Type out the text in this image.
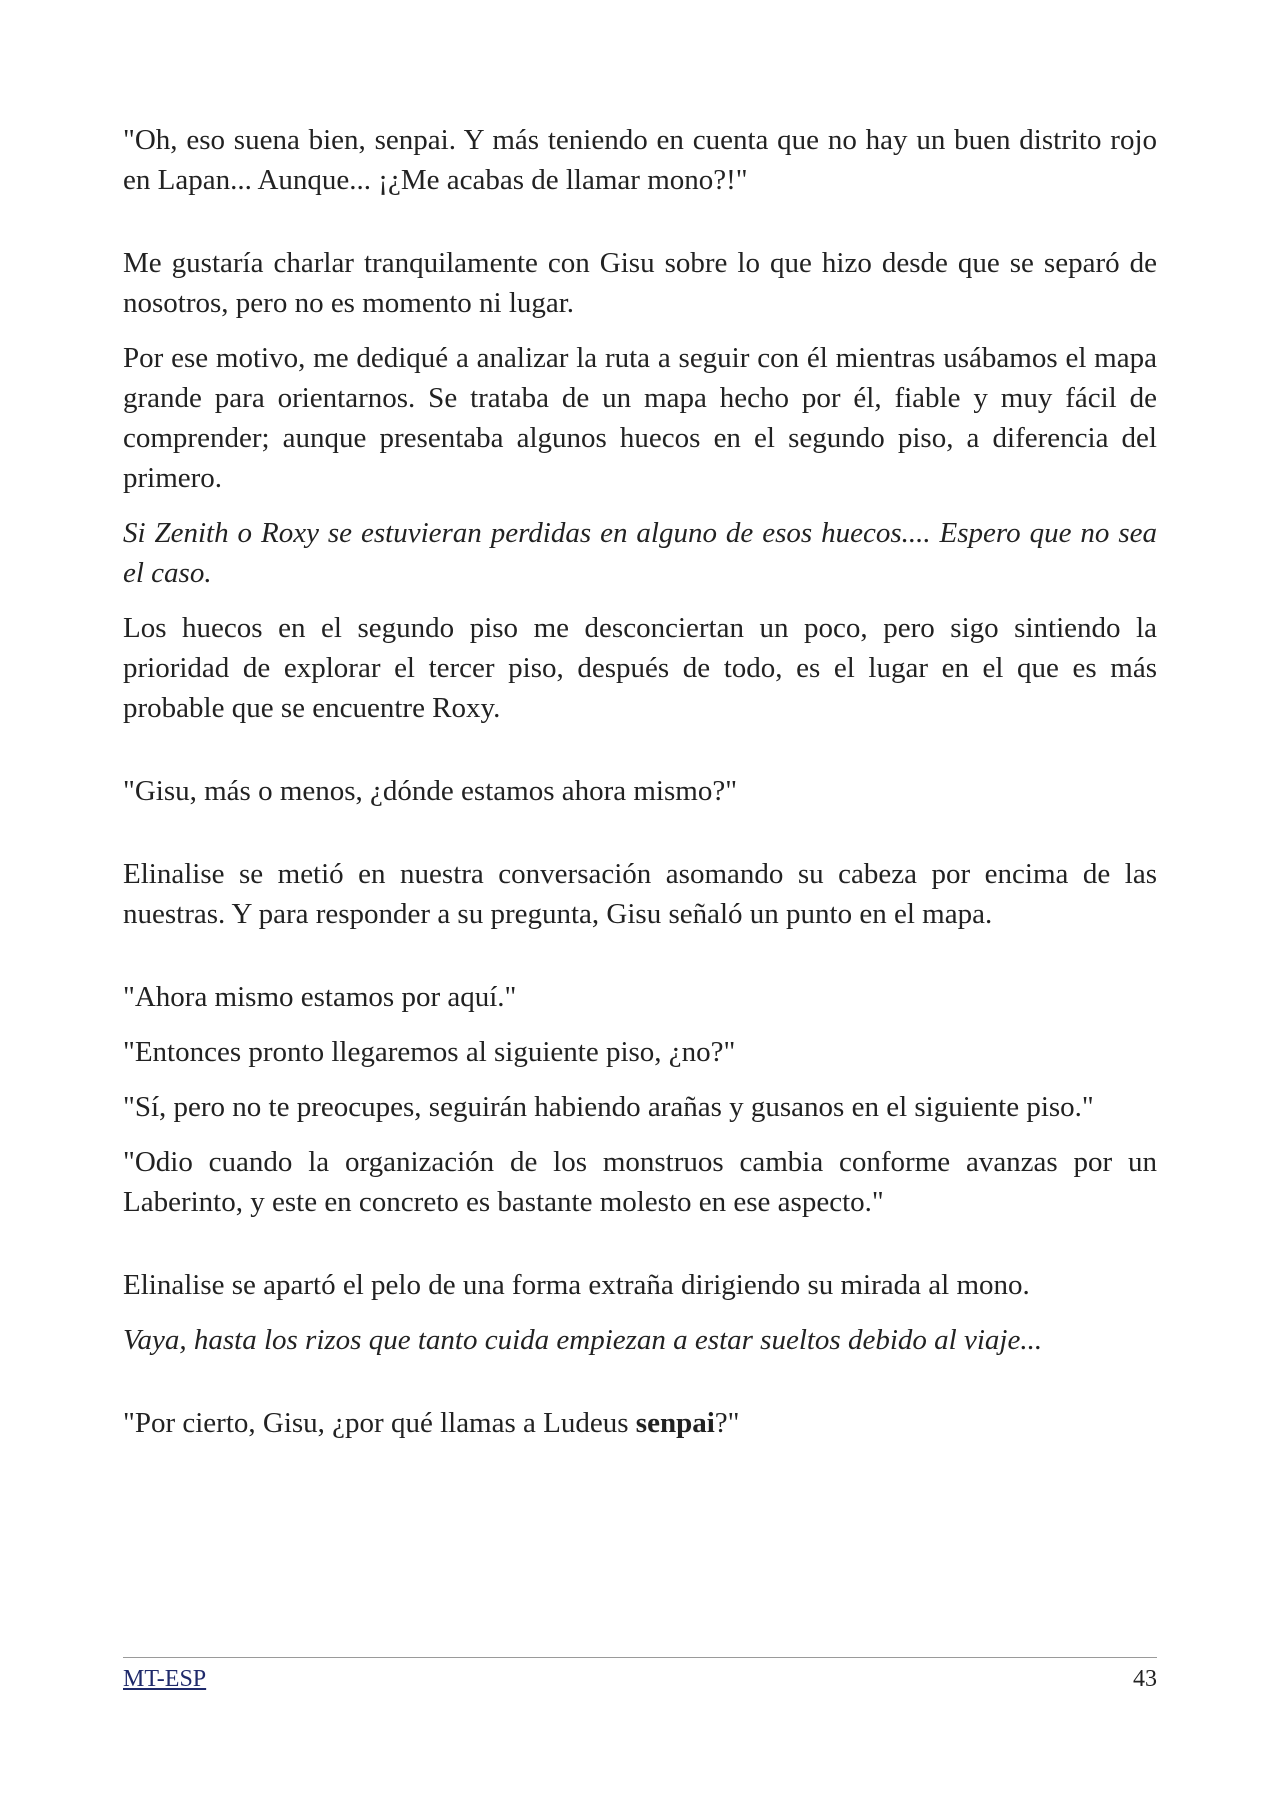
"Oh, eso suena bien, senpai. Y más teniendo en cuenta que no hay un buen distrito rojo en Lapan... Aunque... ¡¿Me acabas de llamar mono?!"

Me gustaría charlar tranquilamente con Gisu sobre lo que hizo desde que se separó de nosotros, pero no es momento ni lugar.

Por ese motivo, me dediqué a analizar la ruta a seguir con él mientras usábamos el mapa grande para orientarnos. Se trataba de un mapa hecho por él, fiable y muy fácil de comprender; aunque presentaba algunos huecos en el segundo piso, a diferencia del primero.

Si Zenith o Roxy se estuvieran perdidas en alguno de esos huecos.... Espero que no sea el caso.

Los huecos en el segundo piso me desconciertan un poco, pero sigo sintiendo la prioridad de explorar el tercer piso, después de todo, es el lugar en el que es más probable que se encuentre Roxy.

"Gisu, más o menos, ¿dónde estamos ahora mismo?"

Elinalise se metió en nuestra conversación asomando su cabeza por encima de las nuestras. Y para responder a su pregunta, Gisu señaló un punto en el mapa.

"Ahora mismo estamos por aquí."

"Entonces pronto llegaremos al siguiente piso, ¿no?"

"Sí, pero no te preocupes, seguirán habiendo arañas y gusanos en el siguiente piso."

"Odio cuando la organización de los monstruos cambia conforme avanzas por un Laberinto, y este en concreto es bastante molesto en ese aspecto."

Elinalise se apartó el pelo de una forma extraña dirigiendo su mirada al mono.

Vaya, hasta los rizos que tanto cuida empiezan a estar sueltos debido al viaje...

"Por cierto, Gisu, ¿por qué llamas a Ludeus senpai?"

MT-ESP	43
